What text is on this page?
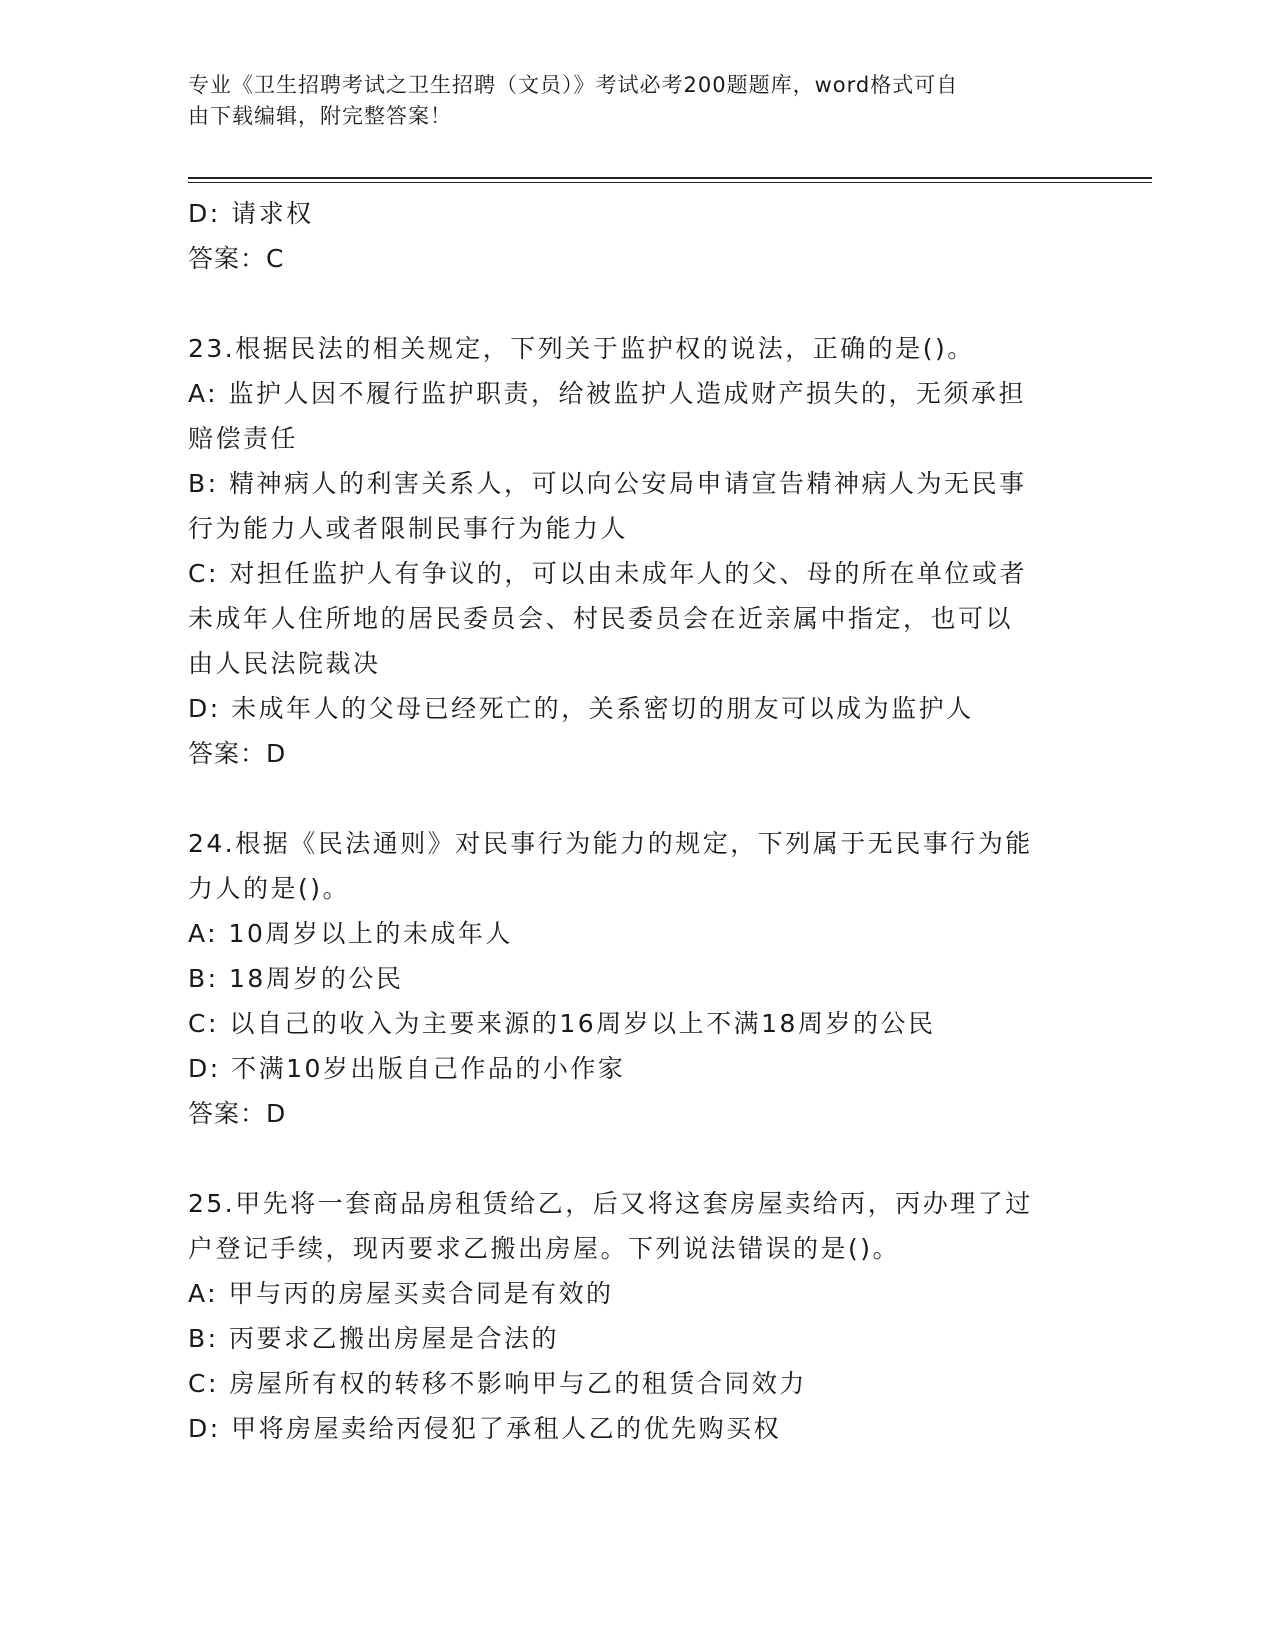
专业《卫生招聘考试之卫生招聘（文员）》考试必考200题题库，word格式可自
由下载编辑，附完整答案！

D: 请求权

答案：C

23.根据民法的相关规定，下列关于监护权的说法，正确的是()。

A: 监护人因不履行监护职责，给被监护人造成财产损失的，无须承担

赔偿责任

B: 精神病人的利害关系人，可以向公安局申请宣告精神病人为无民事

行为能力人或者限制民事行为能力人

C: 对担任监护人有争议的，可以由未成年人的父、母的所在单位或者

未成年人住所地的居民委员会、村民委员会在近亲属中指定，也可以

由人民法院裁决

D: 未成年人的父母已经死亡的，关系密切的朋友可以成为监护人

答案：D

24.根据《民法通则》对民事行为能力的规定，下列属于无民事行为能

力人的是()。

A: 10周岁以上的未成年人

B: 18周岁的公民

C: 以自己的收入为主要来源的16周岁以上不满18周岁的公民

D: 不满10岁出版自己作品的小作家

答案：D

25.甲先将一套商品房租赁给乙，后又将这套房屋卖给丙，丙办理了过

户登记手续，现丙要求乙搬出房屋。下列说法错误的是()。

A: 甲与丙的房屋买卖合同是有效的

B: 丙要求乙搬出房屋是合法的

C: 房屋所有权的转移不影响甲与乙的租赁合同效力

D: 甲将房屋卖给丙侵犯了承租人乙的优先购买权
